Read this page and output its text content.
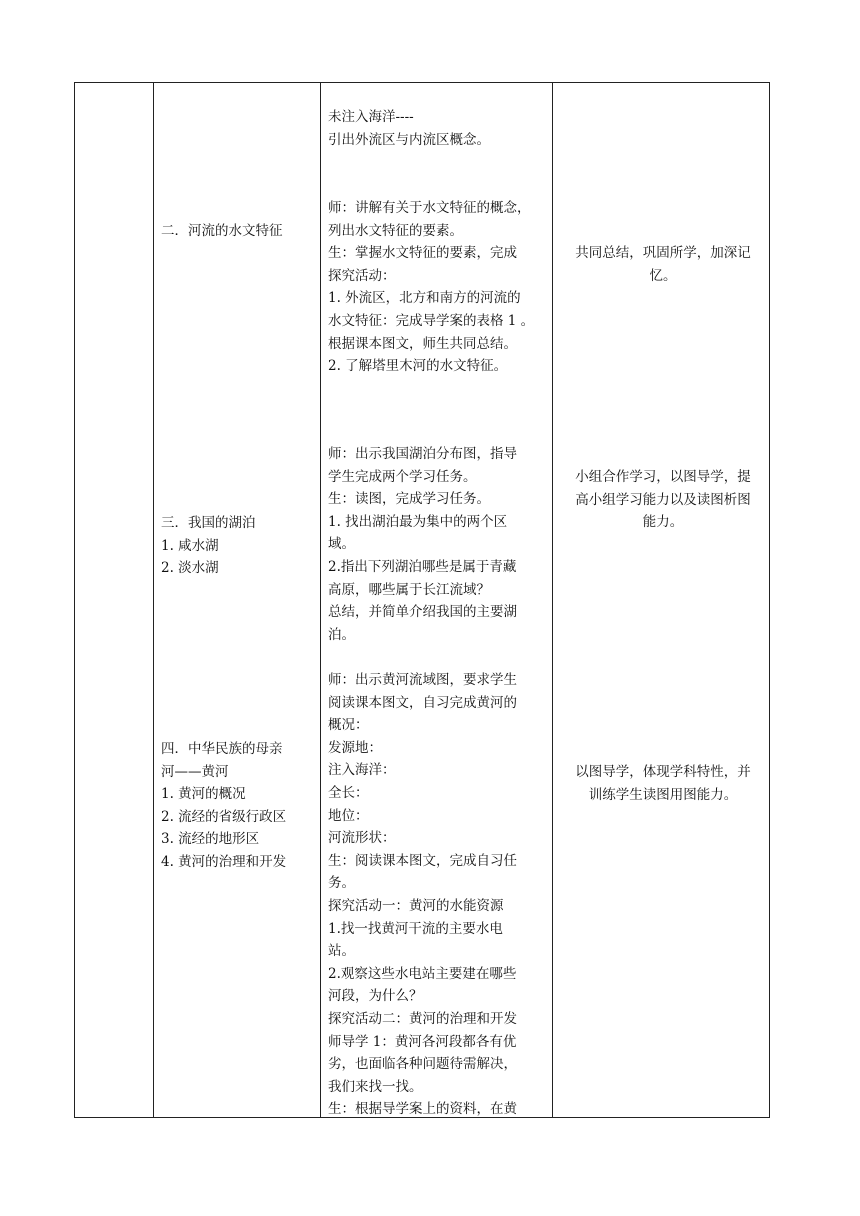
二．河流的水文特征
三．我国的湖泊
1. 咸水湖
2. 淡水湖
四．中华民族的母亲
河——黄河
1. 黄河的概况
2. 流经的省级行政区
3. 流经的地形区
4. 黄河的治理和开发
未注入海洋----
引出外流区与内流区概念。
师：讲解有关于水文特征的概念，
列出水文特征的要素。
生：掌握水文特征的要素，完成
探究活动：
1. 外流区，北方和南方的河流的
水文特征：完成导学案的表格 1 。
根据课本图文，师生共同总结。
2. 了解塔里木河的水文特征。
师：出示我国湖泊分布图，指导
学生完成两个学习任务。
生：读图，完成学习任务。
1. 找出湖泊最为集中的两个区
域。
2.指出下列湖泊哪些是属于青藏
高原，哪些属于长江流域？
总结，并简单介绍我国的主要湖
泊。
师：出示黄河流域图，要求学生
阅读课本图文，自习完成黄河的
概况：
发源地：
注入海洋：
全长：
地位：
河流形状：
生：阅读课本图文，完成自习任
务。
探究活动一：黄河的水能资源
1.找一找黄河干流的主要水电
站。
2.观察这些水电站主要建在哪些
河段，为什么？
探究活动二：黄河的治理和开发
师导学 1：黄河各河段都各有优
劣，也面临各种问题待需解决，
我们来找一找。
生：根据导学案上的资料，在黄
共同总结，巩固所学，加深记
忆。
小组合作学习，以图导学，提
高小组学习能力以及读图析图
能力。
以图导学，体现学科特性，并
训练学生读图用图能力。
